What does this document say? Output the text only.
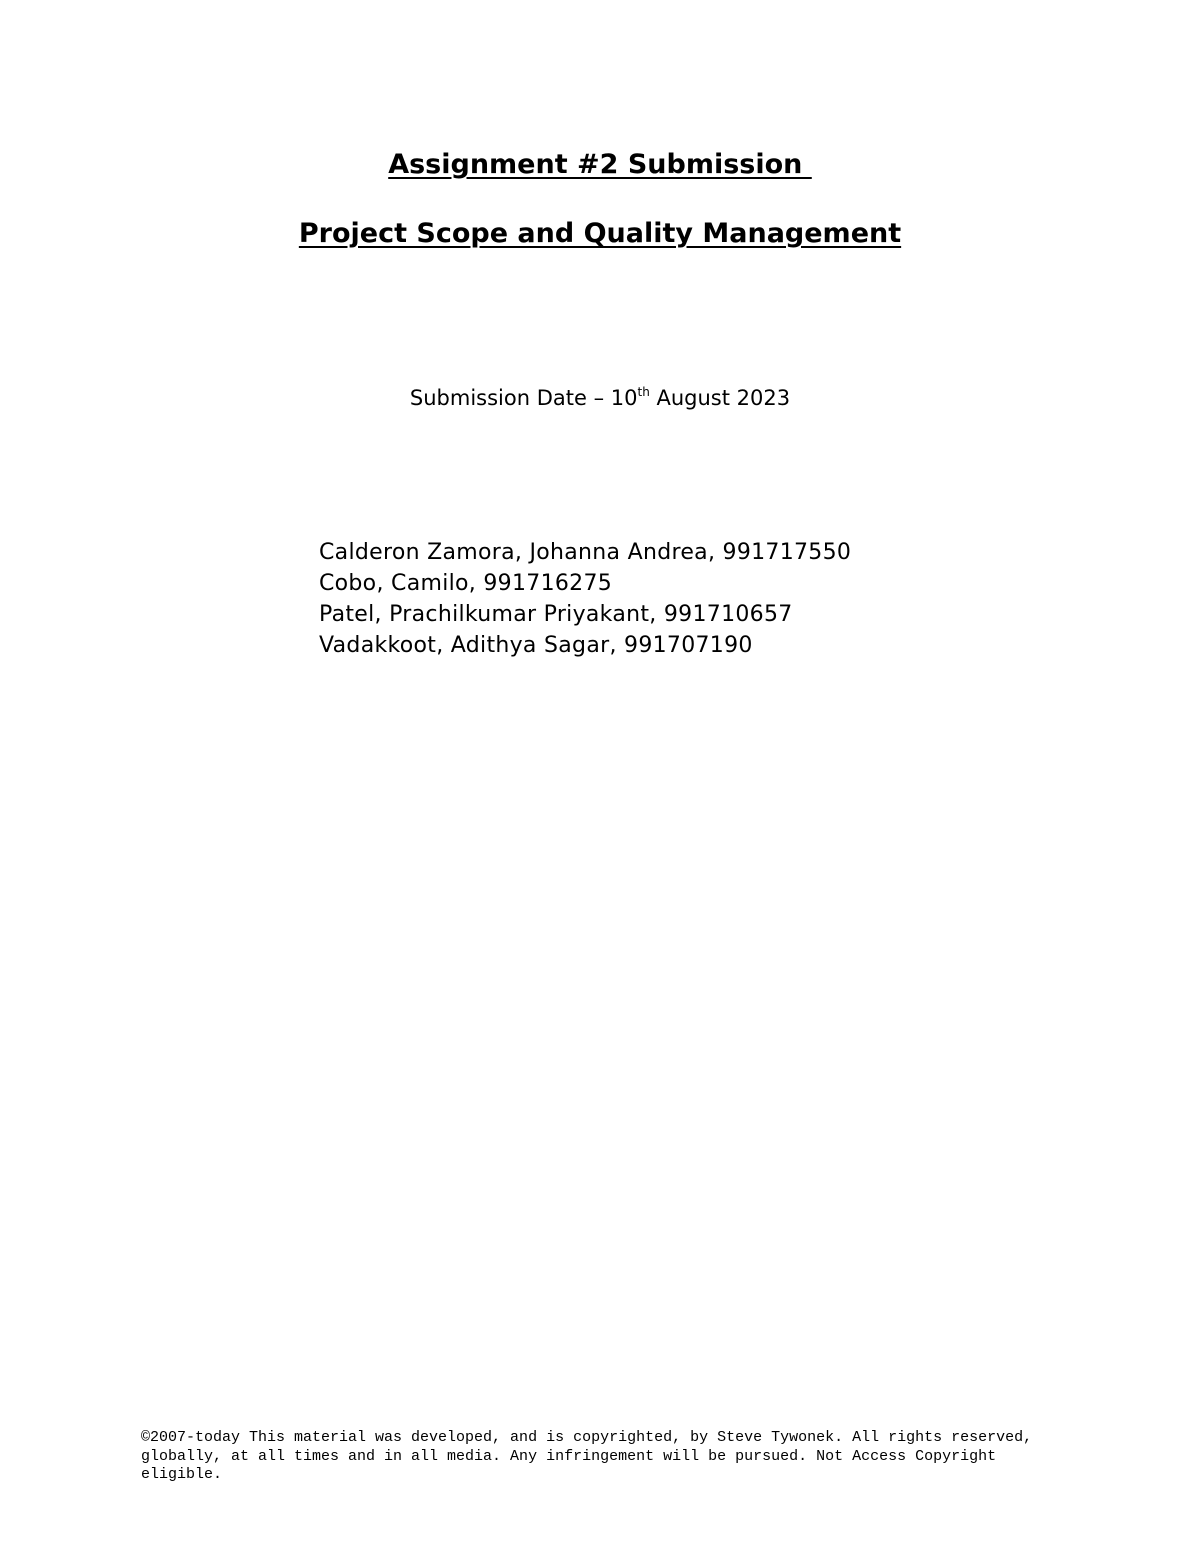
Assignment #2 Submission
Project Scope and Quality Management
Submission Date – 10th August 2023
Calderon Zamora, Johanna Andrea, 991717550
Cobo, Camilo, 991716275
Patel, Prachilkumar Priyakant, 991710657
Vadakkoot, Adithya Sagar, 991707190
©2007-today This material was developed, and is copyrighted, by Steve Tywonek. All rights reserved, globally, at all times and in all media. Any infringement will be pursued. Not Access Copyright eligible.
